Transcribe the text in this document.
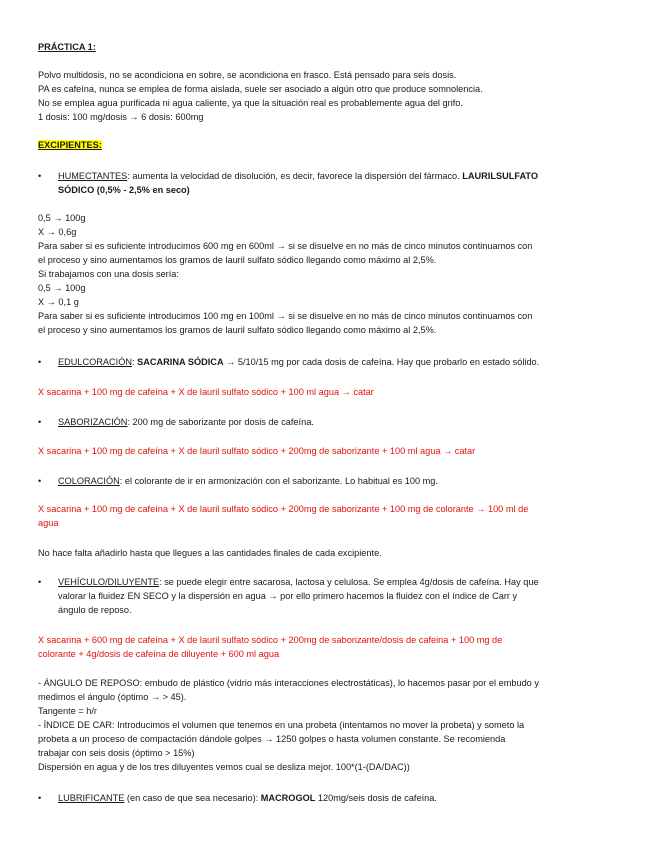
PRÁCTICA 1:
Polvo multidosis, no se acondiciona en sobre, se acondiciona en frasco. Está pensado para seis dosis.
PA es cafeína, nunca se emplea de forma aislada, suele ser asociado a algún otro que produce somnolencia.
No se emplea agua purificada ni agua caliente, ya que la situación real es probablemente agua del grifo.
1 dosis: 100 mg/dosis → 6 dosis: 600mg
EXCIPIENTES:
•	HUMECTANTES: aumenta la velocidad de disolución, es decir, favorece la dispersión del fármaco. LAURILSULFATO
SÓDICO (0,5% - 2,5% en seco)
0,5 → 100g
X → 0,6g
Para saber si es suficiente introducimos 600 mg en 600ml → si se disuelve en no más de cinco minutos continuamos con
el proceso y sino aumentamos los gramos de lauril sulfato sódico llegando como máximo al 2,5%.
Si trabajamos con una dosis sería:
0,5 → 100g
X → 0,1 g
Para saber si es suficiente introducimos 100 mg en 100ml → si se disuelve en no más de cinco minutos continuamos con
el proceso y sino aumentamos los gramos de lauril sulfato sódico llegando como máximo al 2,5%.
•	EDULCORACIÓN: SACARINA SÓDICA → 5/10/15 mg por cada dosis de cafeína. Hay que probarlo en estado sólido.
X sacarina + 100 mg de cafeína + X de lauril sulfato sódico + 100 ml agua → catar
•	SABORIZACIÓN: 200 mg de saborizante por dosis de cafeína.
X sacarina + 100 mg de cafeína + X de lauril sulfato sódico + 200mg de saborizante + 100 ml agua → catar
•	COLORACIÓN: el colorante de ir en armonización con el saborizante. Lo habitual es 100 mg.
X sacarina + 100 mg de cafeína + X de lauril sulfato sódico + 200mg de saborizante + 100 mg de colorante → 100 ml de
agua
No hace falta añadirlo hasta que llegues a las cantidades finales de cada excipiente.
•	VEHÍCULO/DILUYENTE: se puede elegir entre sacarosa, lactosa y celulosa. Se emplea 4g/dosis de cafeína. Hay que
valorar la fluidez EN SECO y la dispersión en agua → por ello primero hacemos la fluidez con el índice de Carr y
ángulo de reposo.
X sacarina + 600 mg de cafeína + X de lauril sulfato sódico + 200mg de saborizante/dosis de cafeina + 100 mg de
colorante + 4g/dosis de cafeína de diluyente + 600 ml agua
- ÁNGULO DE REPOSO: embudo de plástico (vidrio más interacciones electrostáticas), lo hacemos pasar por el embudo y
medimos el ángulo (óptimo → > 45).
Tangente = h/r
- ÍNDICE DE CAR: Introducimos el volumen que tenemos en una probeta (intentamos no mover la probeta) y someto la
probeta a un proceso de compactación dándole golpes → 1250 golpes o hasta volumen constante. Se recomienda
trabajar con seis dosis (óptimo > 15%)
Dispersión en agua y de los tres diluyentes vemos cual se desliza mejor. 100*(1-(DA/DAC))
•	LUBRIFICANTE (en caso de que sea necesario): MACROGOL 120mg/seis dosis de cafeína.
